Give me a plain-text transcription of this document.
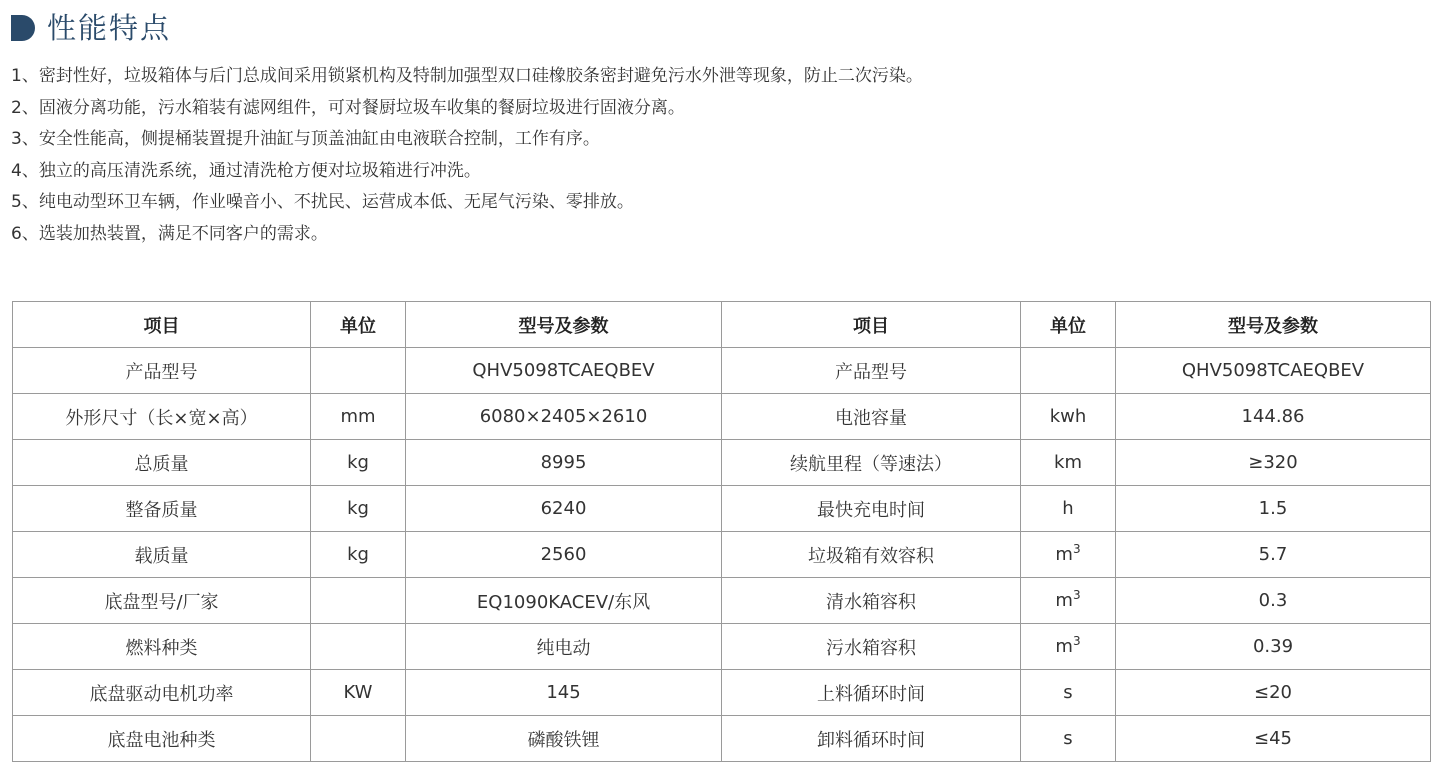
性能特点
1、密封性好，垃圾箱体与后门总成间采用锁紧机构及特制加强型双口硅橡胶条密封避免污水外泄等现象，防止二次污染。
2、固液分离功能，污水箱装有滤网组件，可对餐厨垃圾车收集的餐厨垃圾进行固液分离。
3、安全性能高，侧提桶装置提升油缸与顶盖油缸由电液联合控制，工作有序。
4、独立的高压清洗系统，通过清洗枪方便对垃圾箱进行冲洗。
5、纯电动型环卫车辆，作业噪音小、不扰民、运营成本低、无尾气污染、零排放。
6、选装加热装置，满足不同客户的需求。
项目	单位	型号及参数	项目	单位	型号及参数
产品型号		QHV5098TCAEQBEV	产品型号		QHV5098TCAEQBEV
外形尺寸（长×宽×高）	mm	6080×2405×2610	电池容量	kwh	144.86
总质量	kg	8995	续航里程（等速法）	km	≥320
整备质量	kg	6240	最快充电时间	h	1.5
载质量	kg	2560	垃圾箱有效容积	$m^3$	5.7
底盘型号/厂家		EQ1090KACEV/东风	清水箱容积	$m^3$	0.3
燃料种类		纯电动	污水箱容积	$m^3$	0.39
底盘驱动电机功率	KW	145	上料循环时间	s	≤20
底盘电池种类		磷酸铁锂	卸料循环时间	s	≤45
